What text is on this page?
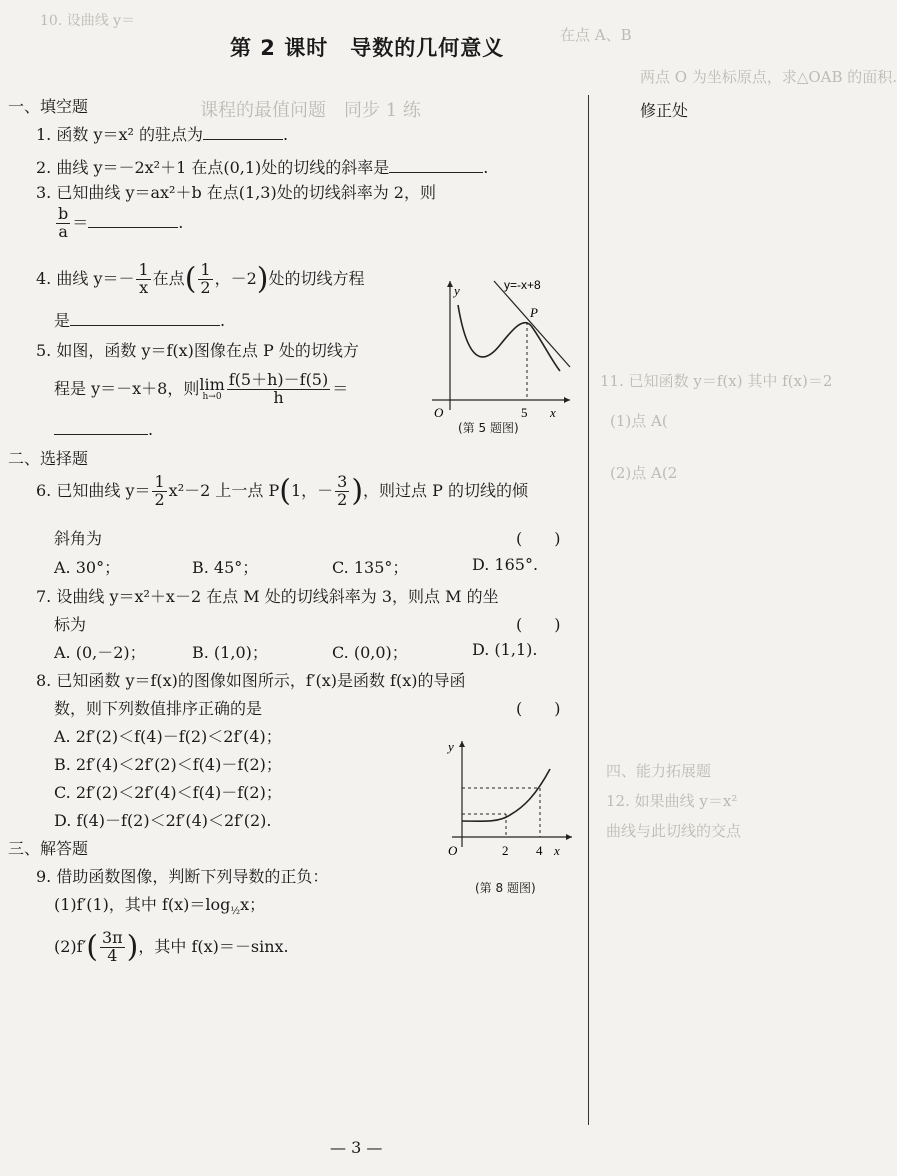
10. 设曲线 y＝
在点 A、B
两点 O 为坐标原点，求△OAB 的面积.
课程的最值问题　同步 1 练
11. 已知函数 y＝f(x) 其中 f(x)＝2
(1)点 A(
(2)点 A(2
四、能力拓展题
12. 如果曲线 y＝x²
曲线与此切线的交点
第 2 课时　导数的几何意义
修正处
一、填空题
1. 函数 y＝x² 的驻点为	.
2. 曲线 y＝－2x²＋1 在点(0,1)处的切线的斜率是	.
3. 已知曲线 y＝ax²＋b 在点(1,3)处的切线斜率为 2，则
$\frac{b}{a}$ ＝	.
4. 曲线 $y=- \frac{1}{x}$ 在点( $\frac{1}{2}$ ，－2)处的切线方程
是	.
5. 如图，函数 y＝f(x)图像在点 P 处的切线方
程是 y＝－x＋8，则 lim
$h\to 0 \frac{f(5+h)-f(5)}{h}$ ＝
.
y	y=-x+8
P
O	5 x
(第 5 题图)
二、选择题
6. 已知曲线 $y= \frac{1}{2} x^2-2$ 上一点 P(1，－ $\frac{3}{2}$ )，则过点 P 的切线的倾
斜角为	(　　)
A. 30°；	B. 45°；	C. 135°；	D. 165°.
7. 设曲线 y＝x²＋x－2 在点 M 处的切线斜率为 3，则点 M 的坐
标为	(　　)
A. (0,－2)；	B. (1,0)；	C. (0,0)；	D. (1,1).
8. 已知函数 y＝f(x)的图像如图所示，f′(x)是函数 f(x)的导函
数，则下列数值排序正确的是	(　　)
A. 2f′(2)＜f(4)－f(2)＜2f′(4)；
B. 2f′(4)＜2f′(2)＜f(4)－f(2)；
C. 2f′(2)＜2f′(4)＜f(4)－f(2)；
D. f(4)－f(2)＜2f′(4)＜2f′(2).
y
O	2 4 x
(第 8 题图)
三、解答题
9. 借助函数图像，判断下列导数的正负：
(1)f′(1)，其中 $f(x)=\log_{\frac{1}{2}}x$；
$(2)f'( \frac{3\pi}{4}$ )，其中 f(x)＝－sinx.
— 3 —
